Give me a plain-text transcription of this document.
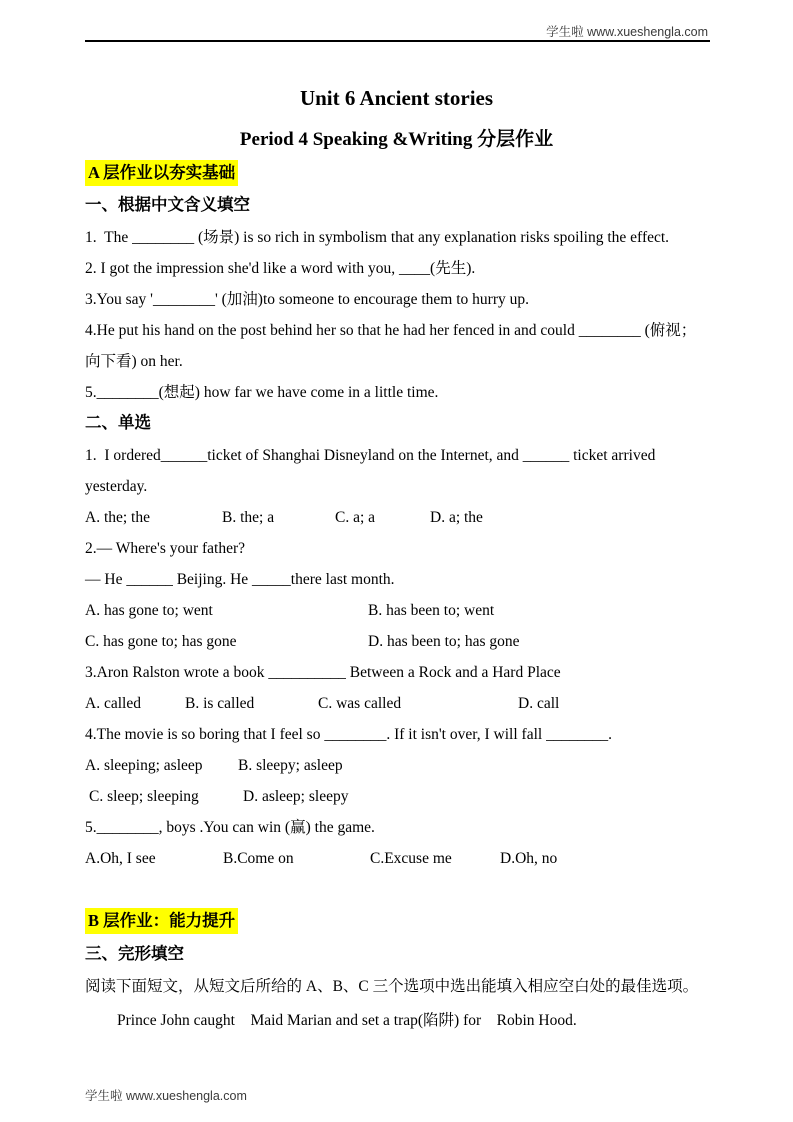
学生啦 www.xueshengla.com
Unit 6 Ancient stories
Period 4 Speaking &Writing 分层作业
A 层作业以夯实基础
一、根据中文含义填空
1.  The ________ (场景) is so rich in symbolism that any explanation risks spoiling the effect.
2. I got the impression she'd like a word with you, ____(先生).
3.You say '________' (加油)to someone to encourage them to hurry up.
4.He put his hand on the post behind her so that he had her fenced in and could ________ (俯视；
向下看) on her.
5.________(想起) how far we have come in a little time.
二、单选
1.  I ordered______ticket of Shanghai Disneyland on the Internet, and ______ ticket arrived
yesterday.

A. the; the

	B. the; a

	C. a; a

	D. a; the

2.— Where's your father?
— He ______ Beijing. He _____there last month.

A. has gone to; went

	B. has been to; went

C. has gone to; has gone

	D. has been to; has gone

3.Aron Ralston wrote a book __________ Between a Rock and a Hard Place

A. called

	B. is called

	C. was called

	D. call

4.The movie is so boring that I feel so ________. If it isn't over, I will fall ________.

A. sleeping; asleep

B. sleepy; asleep

C. sleep; sleeping

	D. asleep; sleepy

5.________, boys .You can win (赢) the game.

A.Oh, I see

	B.Come on

	C.Excuse me

	D.Oh, no

B 层作业：能力提升
三、完形填空
阅读下面短文，从短文后所给的 A、B、C 三个选项中选出能填入相应空白处的最佳选项。
Prince John caught    Maid Marian and set a trap(陷阱) for    Robin Hood.
学生啦 www.xueshengla.com
